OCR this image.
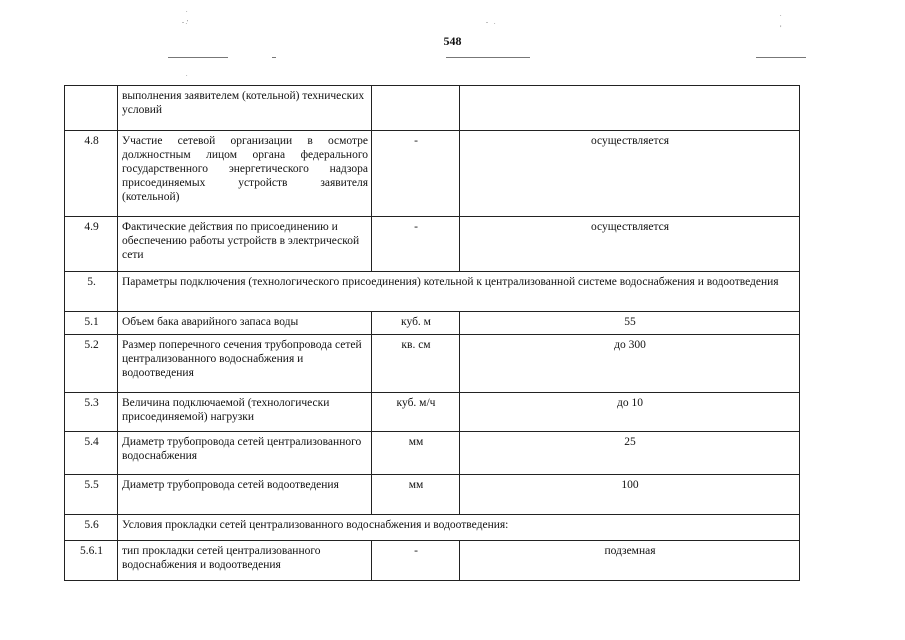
.
- .'	-    .
.
,
.
548
	выполнения заявителем (котельной) технических условий		
4.8	Участие сетевой организации в осмотре должностным лицом органа федерального государственного энергетического надзора присоединяемых устройств заявителя (котельной)	-	осуществляется
4.9	Фактические действия по присоединению и обеспечению работы устройств в электрической сети	-	осуществляется
5.	Параметры подключения (технологического присоединения) котельной к централизованной системе водоснабжения и водоотведения		
5.1	Объем бака аварийного запаса воды	куб. м	55
5.2	Размер поперечного сечения трубопровода сетей централизованного водоснабжения и водоотведения	кв. см	до 300
5.3	Величина подключаемой (технологически присоединяемой) нагрузки	куб. м/ч	до 10
5.4	Диаметр трубопровода сетей централизованного водоснабжения	мм	25
5.5	Диаметр трубопровода сетей водоотведения	мм	100
5.6	Условия прокладки сетей централизованного водоснабжения и водоотведения:		
5.6.1	тип прокладки сетей централизованного водоснабжения и водоотведения	-	подземная
